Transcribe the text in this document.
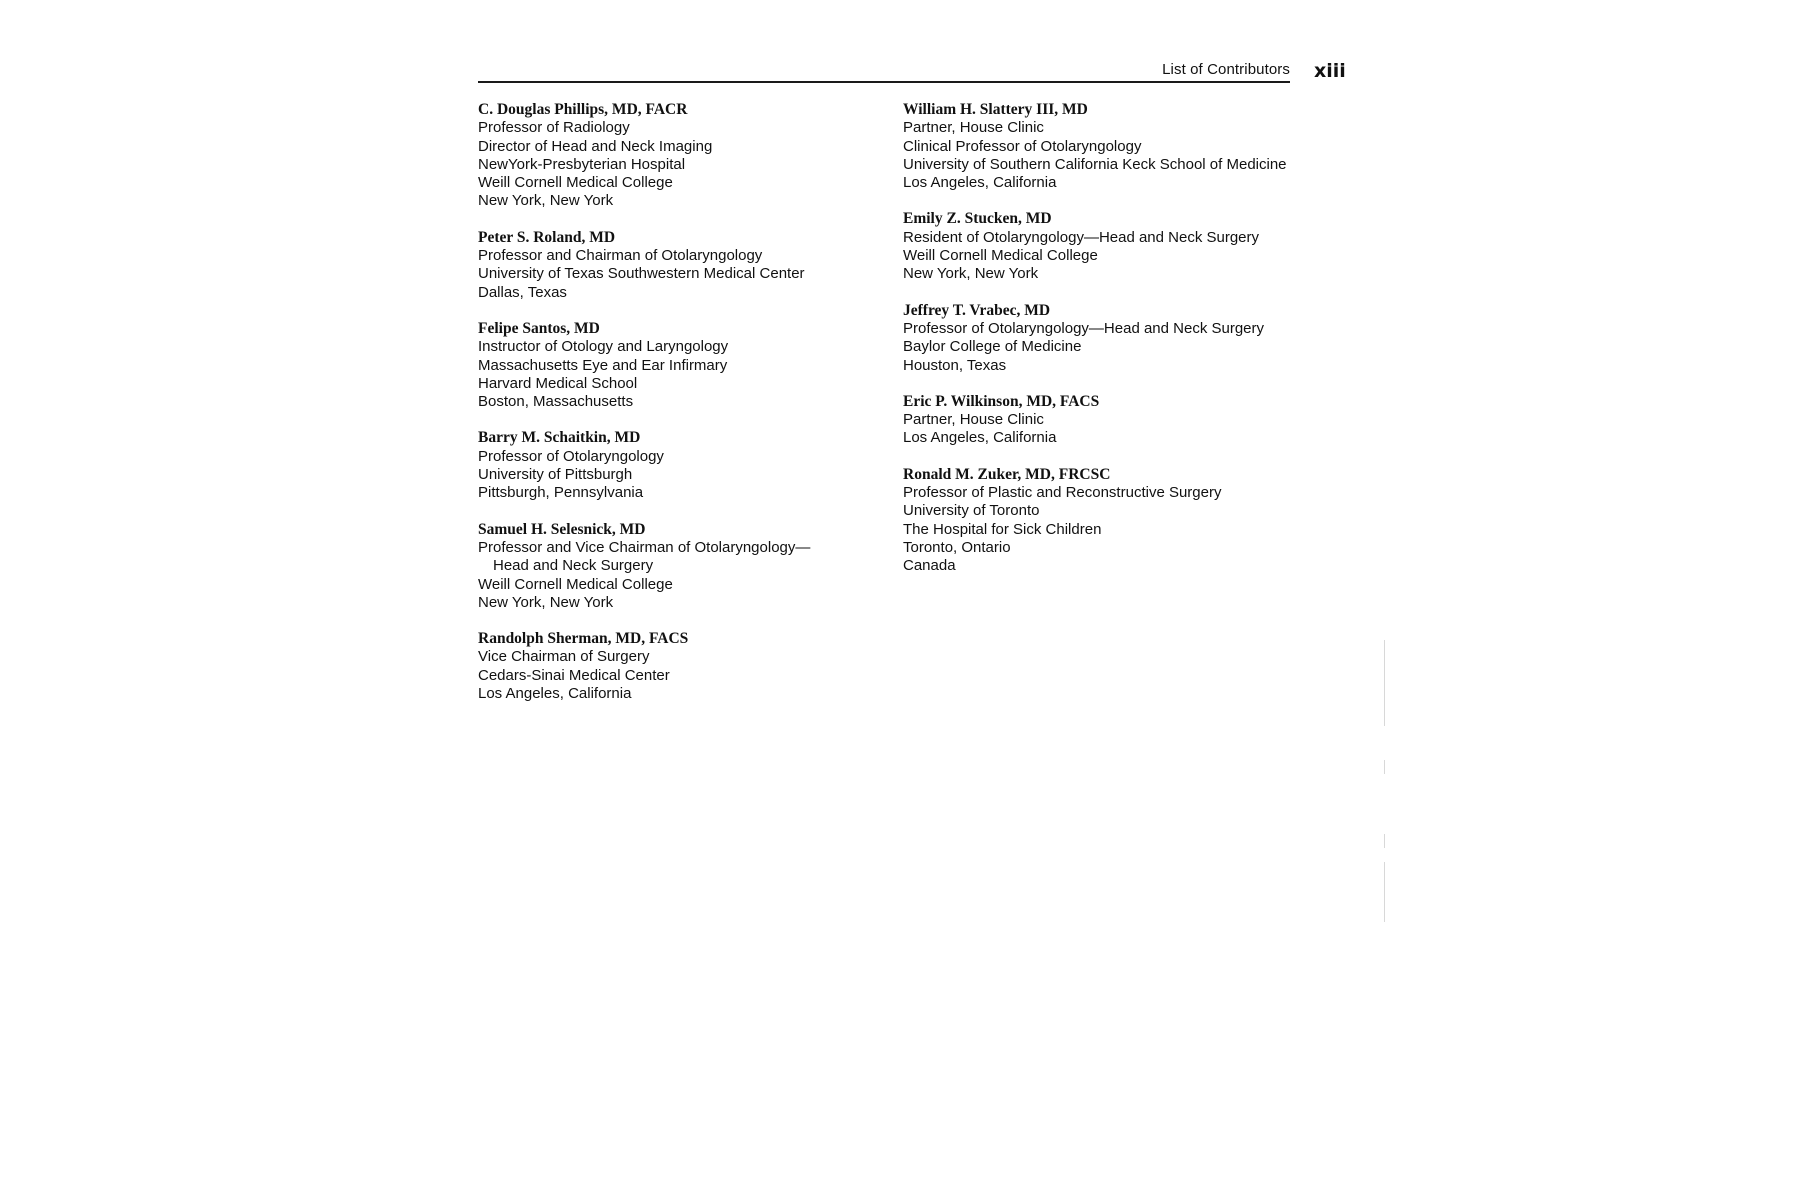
List of Contributors xiii
C. Douglas Phillips, MD, FACR
Professor of Radiology
Director of Head and Neck Imaging
NewYork-Presbyterian Hospital
Weill Cornell Medical College
New York, New York
Peter S. Roland, MD
Professor and Chairman of Otolaryngology
University of Texas Southwestern Medical Center
Dallas, Texas
Felipe Santos, MD
Instructor of Otology and Laryngology
Massachusetts Eye and Ear Infirmary
Harvard Medical School
Boston, Massachusetts
Barry M. Schaitkin, MD
Professor of Otolaryngology
University of Pittsburgh
Pittsburgh, Pennsylvania
Samuel H. Selesnick, MD
Professor and Vice Chairman of Otolaryngology—
Head and Neck Surgery
Weill Cornell Medical College
New York, New York
Randolph Sherman, MD, FACS
Vice Chairman of Surgery
Cedars-Sinai Medical Center
Los Angeles, California
William H. Slattery III, MD
Partner, House Clinic
Clinical Professor of Otolaryngology
University of Southern California Keck School of Medicine
Los Angeles, California
Emily Z. Stucken, MD
Resident of Otolaryngology—Head and Neck Surgery
Weill Cornell Medical College
New York, New York
Jeffrey T. Vrabec, MD
Professor of Otolaryngology—Head and Neck Surgery
Baylor College of Medicine
Houston, Texas
Eric P. Wilkinson, MD, FACS
Partner, House Clinic
Los Angeles, California
Ronald M. Zuker, MD, FRCSC
Professor of Plastic and Reconstructive Surgery
University of Toronto
The Hospital for Sick Children
Toronto, Ontario
Canada
